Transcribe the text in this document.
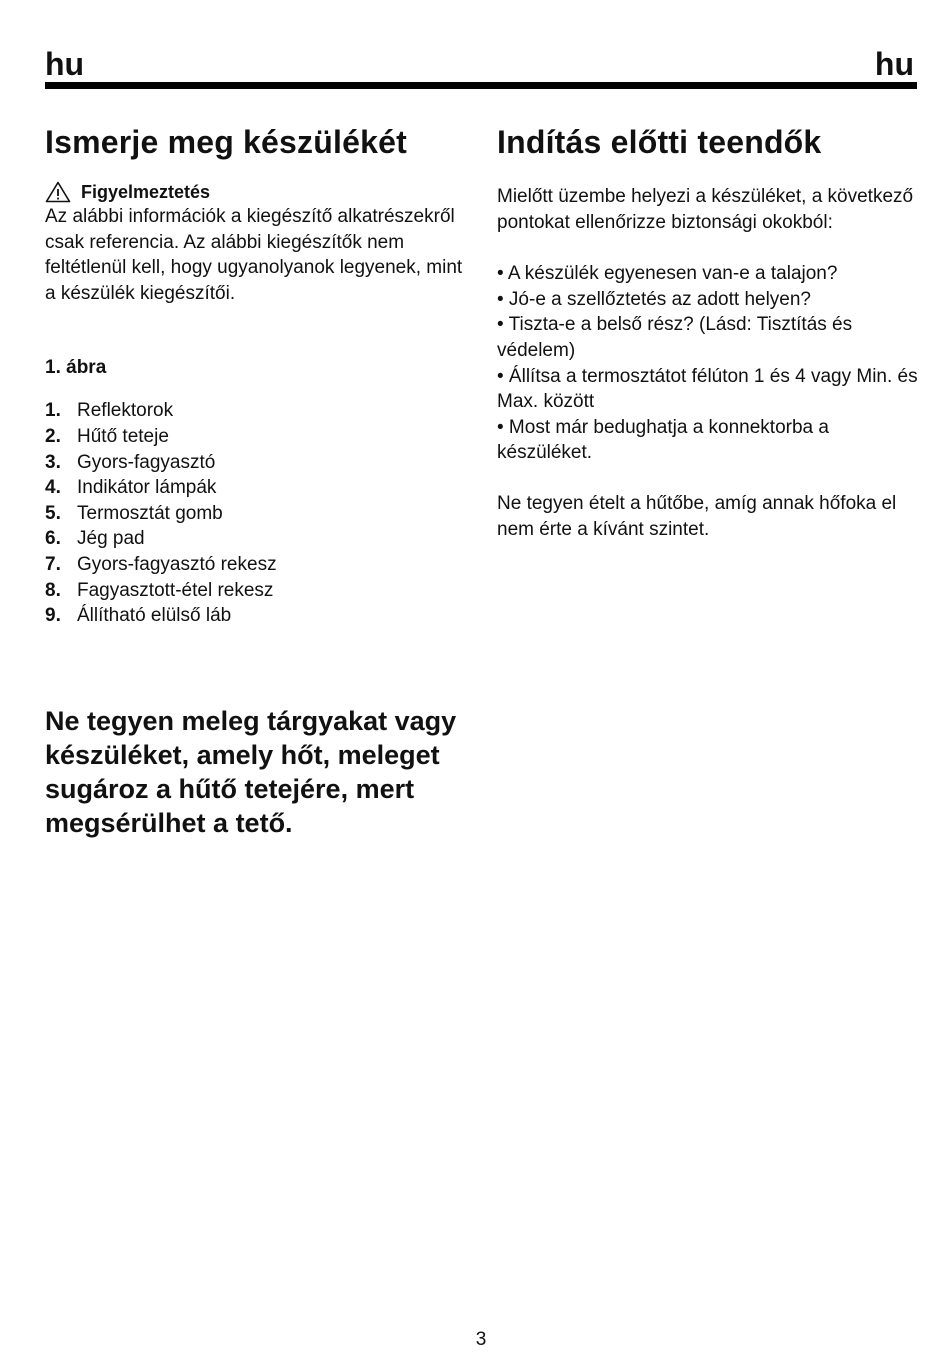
hu	hu
Ismerje meg készülékét
Figyelmeztetés

Az alábbi információk a kiegészítő alkatrészekről csak referencia. Az alábbi kiegészítők nem feltétlenül kell, hogy ugyanolyanok legyenek, mint a készülék kiegészítői.

1. ábra
1. Reflektorok
2. Hűtő teteje
3. Gyors-fagyasztó
4. Indikátor lámpák
5. Termosztát gomb
6. Jég pad
7. Gyors-fagyasztó rekesz
8. Fagyasztott-étel rekesz
9. Állítható elülső láb
Ne tegyen meleg tárgyakat vagy készüléket, amely hőt, meleget sugároz a hűtő tetejére, mert megsérülhet a tető.
Indítás előtti teendők

Mielőtt üzembe helyezi a készüléket, a következő pontokat ellenőrizze biztonsági okokból:

• A készülék egyenesen van-e a talajon?
• Jó-e a szellőztetés az adott helyen?
• Tiszta-e a belső rész? (Lásd: Tisztítás és védelem)
• Állítsa a termosztátot félúton 1 és 4 vagy Min. és Max. között
• Most már bedughatja a konnektorba a készüléket.

Ne tegyen ételt a hűtőbe, amíg annak hőfoka el nem érte a kívánt szintet.

3
